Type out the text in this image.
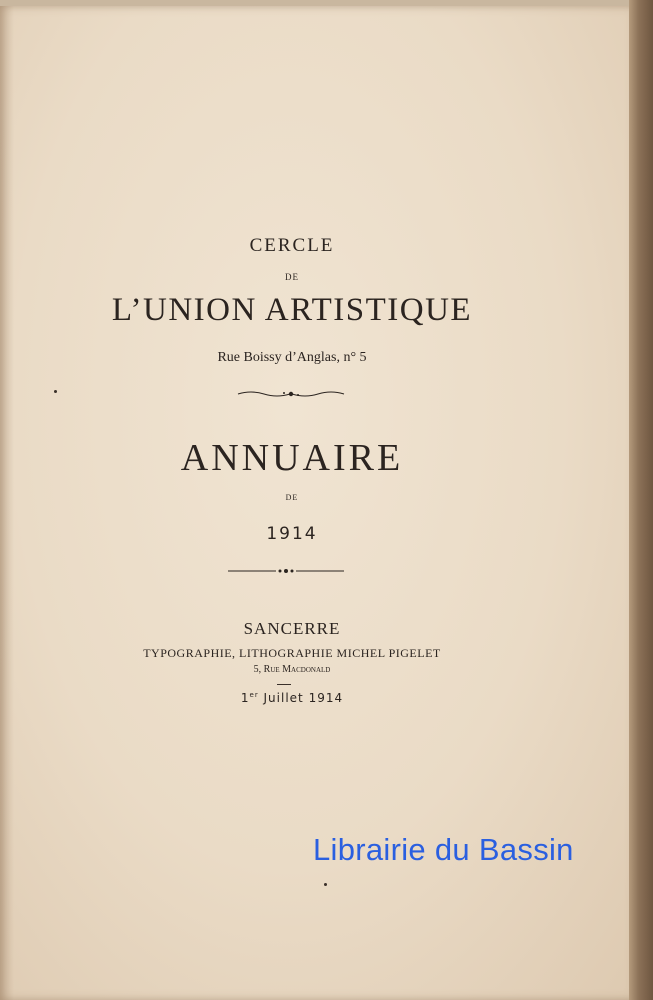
CERCLE
DE
L’UNION ARTISTIQUE
Rue Boissy d’Anglas, n° 5
ANNUAIRE
DE
1914
SANCERRE
TYPOGRAPHIE, LITHOGRAPHIE MICHEL PIGELET
5, Rue Macdonald
1er Juillet 1914
Librairie du Bassin
